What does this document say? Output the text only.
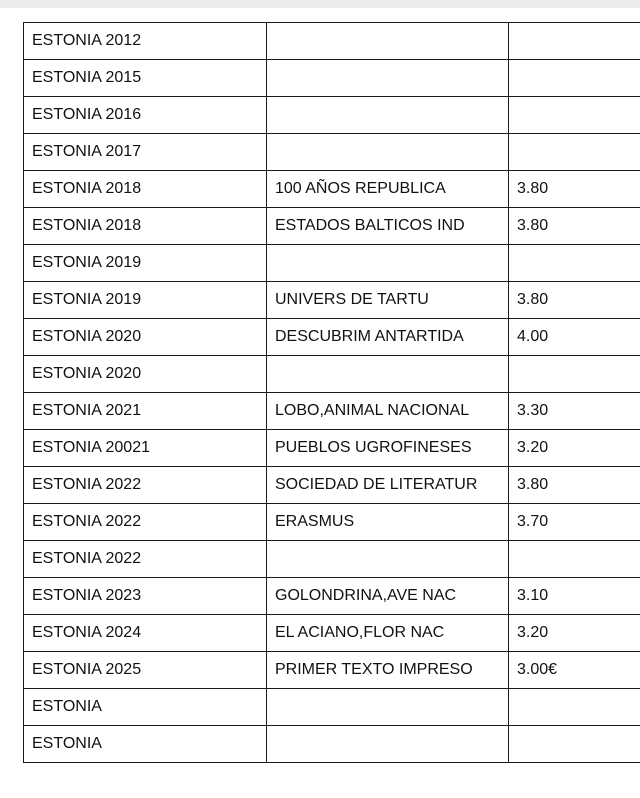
ESTONIA 2012		
ESTONIA 2015		
ESTONIA 2016		
ESTONIA 2017		
ESTONIA 2018	100 AÑOS REPUBLICA	3.80
ESTONIA 2018	ESTADOS BALTICOS IND	3.80
ESTONIA 2019		
ESTONIA 2019	UNIVERS DE TARTU	3.80
ESTONIA 2020	DESCUBRIM ANTARTIDA	4.00
ESTONIA 2020		
ESTONIA 2021	LOBO,ANIMAL NACIONAL	3.30
ESTONIA 20021	PUEBLOS UGROFINESES	3.20
ESTONIA 2022	SOCIEDAD DE LITERATUR	3.80
ESTONIA 2022	ERASMUS	3.70
ESTONIA 2022		
ESTONIA 2023	GOLONDRINA,AVE NAC	3.10
ESTONIA 2024	EL ACIANO,FLOR NAC	3.20
ESTONIA 2025	PRIMER TEXTO IMPRESO	3.00€
ESTONIA		
ESTONIA		
